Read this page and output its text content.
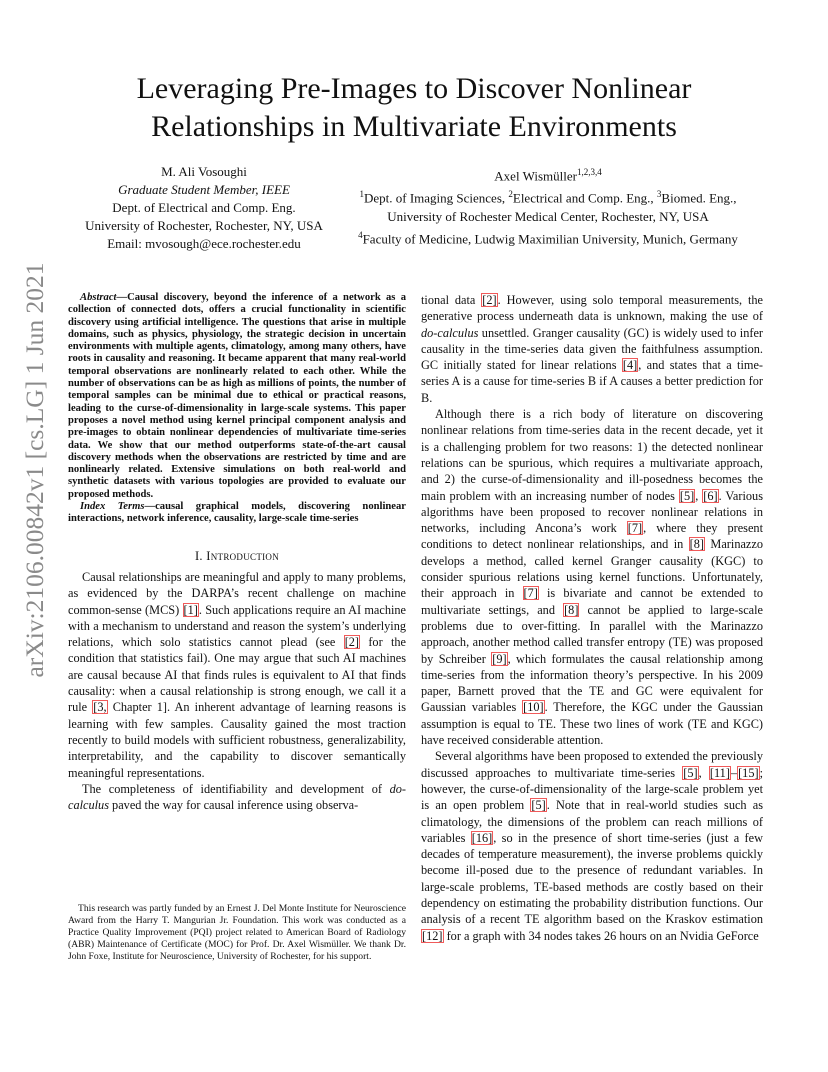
Leveraging Pre-Images to Discover Nonlinear
Relationships in Multivariate Environments
M. Ali Vosoughi
Graduate Student Member, IEEE
Dept. of Electrical and Comp. Eng.
University of Rochester, Rochester, NY, USA
Email: mvosough@ece.rochester.edu
Axel Wismüller$^{1,2,3,4}$
$^1$Dept. of Imaging Sciences, $^2$Electrical and Comp. Eng., $^3$Biomed. Eng.,
University of Rochester Medical Center, Rochester, NY, USA
$^4$Faculty of Medicine, Ludwig Maximilian University, Munich, Germany
arXiv:2106.00842v1 [cs.LG] 1 Jun 2021	Abstract—Causal discovery, beyond the inference of a network as a collection of connected dots, offers a crucial functionality in scientific discovery using artificial intelligence. The questions that arise in multiple domains, such as physics, physiology, the strategic decision in uncertain environments with multiple agents, climatology, among many others, have roots in causality and reasoning. It became apparent that many real-world temporal observations are nonlinearly related to each other. While the number of observations can be as high as millions of points, the number of temporal samples can be minimal due to ethical or practical reasons, leading to the curse-of-dimensionality in large-scale systems. This paper proposes a novel method using kernel principal component analysis and pre-images to obtain nonlinear dependencies of multivariate time-series data. We show that our method outperforms state-of-the-art causal discovery methods when the observations are restricted by time and are nonlinearly related. Extensive simulations on both real-world and synthetic datasets with various topologies are provided to evaluate our proposed methods.

Index Terms—causal graphical models, discovering nonlinear interactions, network inference, causality, large-scale time-series

I. Introduction

Causal relationships are meaningful and apply to many problems, as evidenced by the DARPA’s recent challenge on machine common-sense (MCS) [1]. Such applications require an AI machine with a mechanism to understand and reason the system’s underlying relations, which solo statistics cannot plead (see [2] for the condition that statistics fail). One may argue that such AI machines are causal because AI that finds rules is equivalent to AI that finds causality: when a causal relationship is strong enough, we call it a rule [3, Chapter 1]. An inherent advantage of learning reasons is learning with few samples. Causality gained the most traction recently to build models with sufficient robustness, generalizability, interpretability, and the capability to discover semantically meaningful representations.

The completeness of identifiability and development of do-calculus paved the way for causal inference using observa-

This research was partly funded by an Ernest J. Del Monte Institute for Neuroscience Award from the Harry T. Mangurian Jr. Foundation. This work was conducted as a Practice Quality Improvement (PQI) project related to American Board of Radiology (ABR) Maintenance of Certificate (MOC) for Prof. Dr. Axel Wismüller. We thank Dr. John Foxe, Institute for Neuroscience, University of Rochester, for his support.

tional data [2]. However, using solo temporal measurements, the generative process underneath data is unknown, making the use of do-calculus unsettled. Granger causality (GC) is widely used to infer causality in the time-series data given the faithfulness assumption. GC initially stated for linear relations [4], and states that a time-series A is a cause for time-series B if A causes a better prediction for B.

Although there is a rich body of literature on discovering nonlinear relations from time-series data in the recent decade, yet it is a challenging problem for two reasons: 1) the detected nonlinear relations can be spurious, which requires a multivariate approach, and 2) the curse-of-dimensionality and ill-posedness becomes the main problem with an increasing number of nodes [5], [6]. Various algorithms have been proposed to recover nonlinear relations in networks, including Ancona’s work [7], where they present conditions to detect nonlinear relationships, and in [8] Marinazzo develops a method, called kernel Granger causality (KGC) to consider spurious relations using kernel functions. Unfortunately, their approach in [7] is bivariate and cannot be extended to multivariate settings, and [8] cannot be applied to large-scale problems due to over-fitting. In parallel with the Marinazzo approach, another method called transfer entropy (TE) was proposed by Schreiber [9], which formulates the causal relationship among time-series from the information theory’s perspective. In his 2009 paper, Barnett proved that the TE and GC were equivalent for Gaussian variables [10]. Therefore, the KGC under the Gaussian assumption is equal to TE. These two lines of work (TE and KGC) have received considerable attention.

Several algorithms have been proposed to extended the previously discussed approaches to multivariate time-series [5], [11]–[15]; however, the curse-of-dimensionality of the large-scale problem yet is an open problem [5]. Note that in real-world studies such as climatology, the dimensions of the problem can reach millions of variables [16], so in the presence of short time-series (just a few decades of temperature measurement), the inverse problems quickly become ill-posed due to the presence of redundant variables. In large-scale problems, TE-based methods are costly based on their dependency on estimating the probability distribution functions. Our analysis of a recent TE algorithm based on the Kraskov estimation [12] for a graph with 34 nodes takes 26 hours on an Nvidia GeForce
